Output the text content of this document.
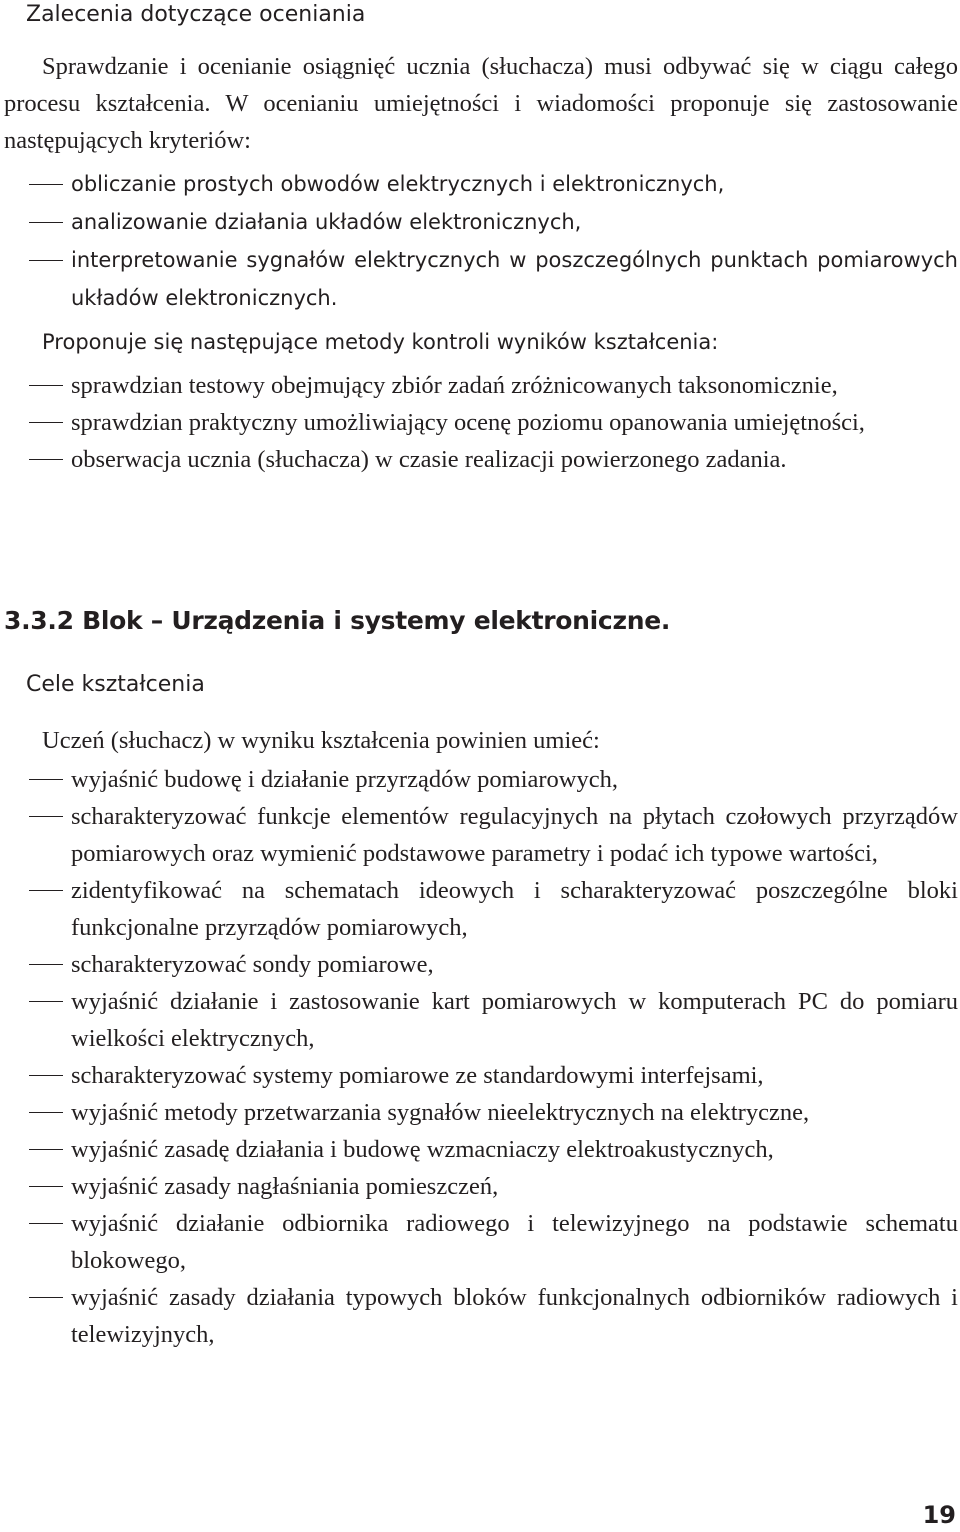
Zalecenia dotyczące oceniania

Sprawdzanie i ocenianie osiągnięć ucznia (słuchacza) musi odbywać się w ciągu całego procesu kształcenia. W ocenianiu umiejętności i wiadomości proponuje się zastosowanie następujących kryteriów:

obliczanie prostych obwodów elektrycznych i elektronicznych,
analizowanie działania układów elektronicznych,
interpretowanie sygnałów elektrycznych w poszczególnych punktach pomiarowych układów elektronicznych.

Proponuje się następujące metody kontroli wyników kształcenia:

sprawdzian testowy obejmujący zbiór zadań zróżnicowanych taksonomicznie,
sprawdzian praktyczny umożliwiający ocenę poziomu opanowania umiejętności,
obserwacja ucznia (słuchacza) w czasie realizacji powierzonego zadania.
3.3.2 Blok – Urządzenia i systemy elektroniczne.
Cele kształcenia

Uczeń (słuchacz) w wyniku kształcenia powinien umieć:

wyjaśnić budowę i działanie przyrządów pomiarowych,
scharakteryzować funkcje elementów regulacyjnych na płytach czołowych przyrządów pomiarowych oraz wymienić podstawowe parametry i podać ich typowe wartości,
zidentyfikować na schematach ideowych i scharakteryzować poszczególne bloki funkcjonalne przyrządów pomiarowych,
scharakteryzować sondy pomiarowe,
wyjaśnić działanie i zastosowanie kart pomiarowych w komputerach PC do pomiaru wielkości elektrycznych,
scharakteryzować systemy pomiarowe ze standardowymi interfejsami,
wyjaśnić metody przetwarzania sygnałów nieelektrycznych na elektryczne,
wyjaśnić zasadę działania i budowę wzmacniaczy elektroakustycznych,
wyjaśnić zasady nagłaśniania pomieszczeń,
wyjaśnić działanie odbiornika radiowego i telewizyjnego na podstawie schematu blokowego,
wyjaśnić zasady działania typowych bloków funkcjonalnych odbiorników radiowych i telewizyjnych,
19
